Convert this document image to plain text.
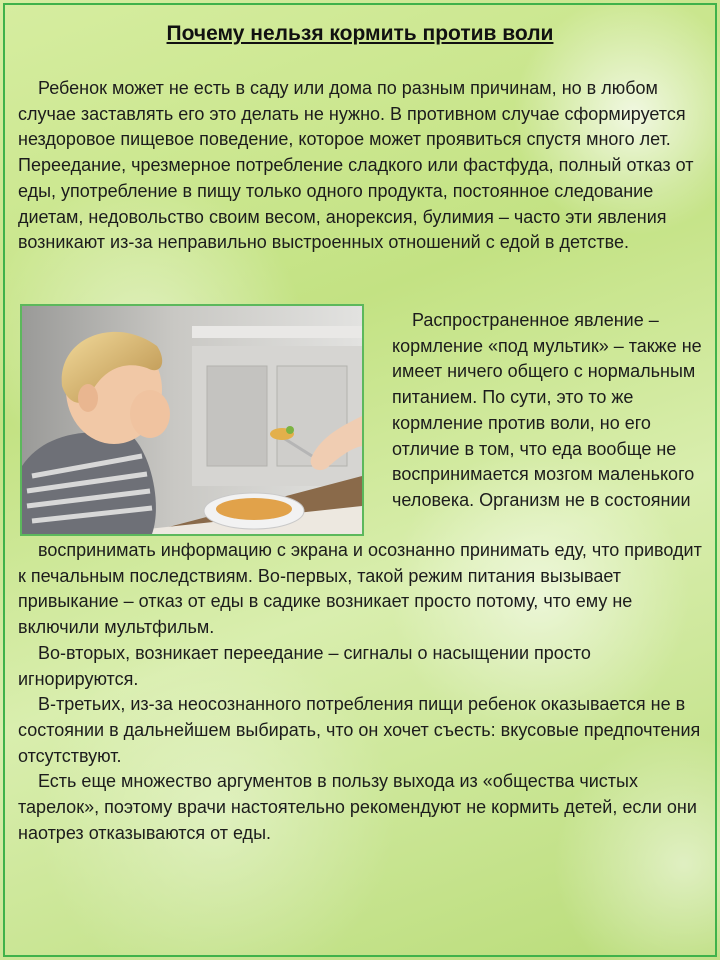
Почему нельзя кормить против воли

Ребенок может не есть в саду или дома по разным причинам, но в любом случае заставлять его это делать не нужно. В противном случае сформируется нездоровое пищевое поведение, которое может проявиться спустя много лет. Переедание, чрезмерное потребление сладкого или фастфуда, полный отказ от еды, употребление в пищу только одного продукта, постоянное следование диетам, недовольство своим весом, анорексия, булимия – часто эти явления возникают из-за неправильно выстроенных отношений с едой в детстве.

Распространенное явление – кормление «под мультик» – также не имеет ничего общего с нормальным питанием. По сути, это то же кормление против воли, но его отличие в том, что еда вообще не воспринимается мозгом маленького человека. Организм не в состоянии

воспринимать информацию с экрана и осознанно принимать еду, что приводит к печальным последствиям. Во-первых, такой режим питания вызывает привыкание – отказ от еды в садике возникает просто потому, что ему не включили мультфильм.

Во-вторых, возникает переедание – сигналы о насыщении просто игнорируются.

В-третьих, из-за неосознанного потребления пищи ребенок оказывается не в состоянии в дальнейшем выбирать, что он хочет съесть: вкусовые предпочтения отсутствуют.

Есть еще множество аргументов в пользу выхода из «общества чистых тарелок», поэтому врачи настоятельно рекомендуют не кормить детей, если они наотрез отказываются от еды.
